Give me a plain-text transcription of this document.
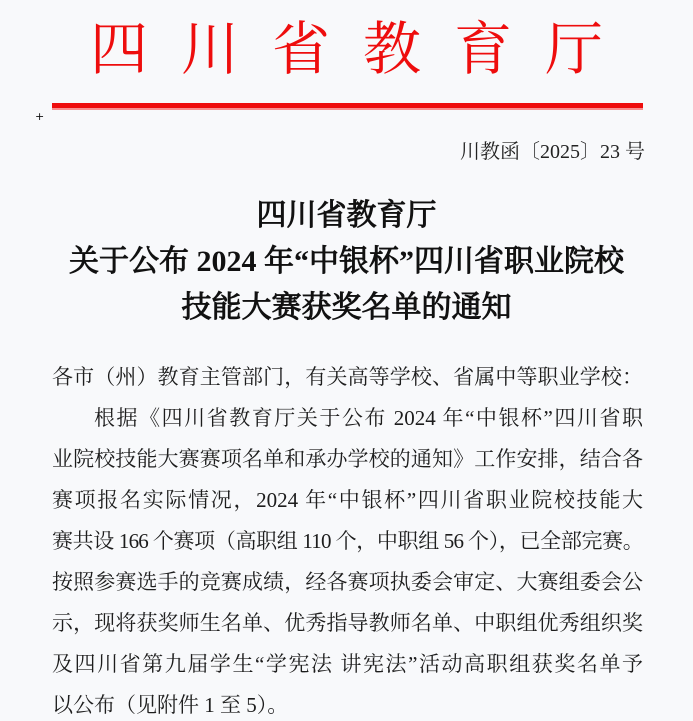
四川省教育厅
+
川教函〔2025〕23 号
四川省教育厅
关于公布 2024 年“中银杯”四川省职业院校
技能大赛获奖名单的通知
各市（州）教育主管部门，有关高等学校、省属中等职业学校：
根据《四川省教育厅关于公布 2024 年“中银杯”四川省职
业院校技能大赛赛项名单和承办学校的通知》工作安排，结合各
赛项报名实际情况，2024 年“中银杯”四川省职业院校技能大
赛共设 166 个赛项（高职组 110 个，中职组 56 个），已全部完赛。
按照参赛选手的竞赛成绩，经各赛项执委会审定、大赛组委会公
示，现将获奖师生名单、优秀指导教师名单、中职组优秀组织奖
及四川省第九届学生“学宪法 讲宪法”活动高职组获奖名单予
以公布（见附件 1 至 5）。
